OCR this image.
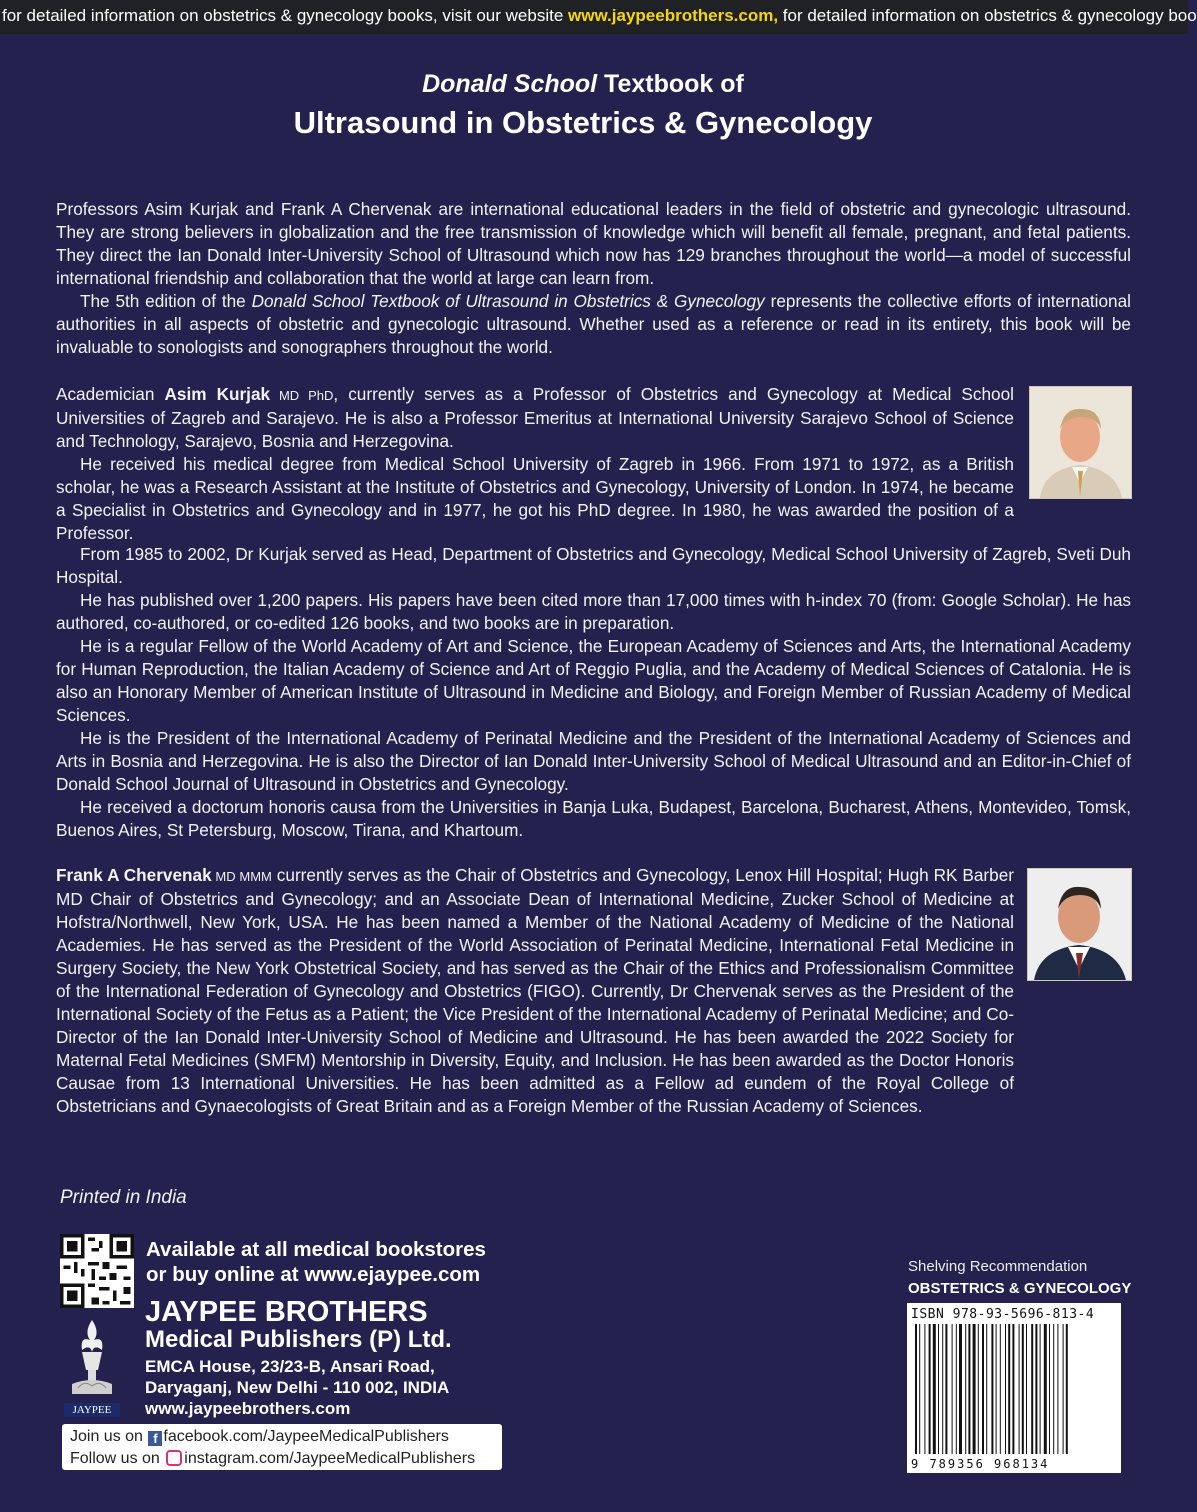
for detailed information on obstetrics & gynecology books, visit our website www.jaypeebrothers.com, for detailed information on obstetrics & gynecology boo
Donald School Textbook of
Ultrasound in Obstetrics & Gynecology

Professors Asim Kurjak and Frank A Chervenak are international educational leaders in the field of obstetric and gynecologic ultrasound. They are strong believers in globalization and the free transmission of knowledge which will benefit all female, pregnant, and fetal patients. They direct the Ian Donald Inter-University School of Ultrasound which now has 129 branches throughout the world—a model of successful international friendship and collaboration that the world at large can learn from.

The 5th edition of the Donald School Textbook of Ultrasound in Obstetrics & Gynecology represents the collective efforts of international authorities in all aspects of obstetric and gynecologic ultrasound. Whether used as a reference or read in its entirety, this book will be invaluable to sonologists and sonographers throughout the world.

Academician Asim Kurjak MD PhD, currently serves as a Professor of Obstetrics and Gynecology at Medical School Universities of Zagreb and Sarajevo. He is also a Professor Emeritus at International University Sarajevo School of Science and Technology, Sarajevo, Bosnia and Herzegovina.

He received his medical degree from Medical School University of Zagreb in 1966. From 1971 to 1972, as a British scholar, he was a Research Assistant at the Institute of Obstetrics and Gynecology, University of London. In 1974, he became a Specialist in Obstetrics and Gynecology and in 1977, he got his PhD degree. In 1980, he was awarded the position of a Professor.

From 1985 to 2002, Dr Kurjak served as Head, Department of Obstetrics and Gynecology, Medical School University of Zagreb, Sveti Duh Hospital.

He has published over 1,200 papers. His papers have been cited more than 17,000 times with h-index 70 (from: Google Scholar). He has authored, co-authored, or co-edited 126 books, and two books are in preparation.

He is a regular Fellow of the World Academy of Art and Science, the European Academy of Sciences and Arts, the International Academy for Human Reproduction, the Italian Academy of Science and Art of Reggio Puglia, and the Academy of Medical Sciences of Catalonia. He is also an Honorary Member of American Institute of Ultrasound in Medicine and Biology, and Foreign Member of Russian Academy of Medical Sciences.

He is the President of the International Academy of Perinatal Medicine and the President of the International Academy of Sciences and Arts in Bosnia and Herzegovina. He is also the Director of Ian Donald Inter-University School of Medical Ultrasound and an Editor-in-Chief of Donald School Journal of Ultrasound in Obstetrics and Gynecology.

He received a doctorum honoris causa from the Universities in Banja Luka, Budapest, Barcelona, Bucharest, Athens, Montevideo, Tomsk, Buenos Aires, St Petersburg, Moscow, Tirana, and Khartoum.

Frank A Chervenak MD MMM currently serves as the Chair of Obstetrics and Gynecology, Lenox Hill Hospital; Hugh RK Barber MD Chair of Obstetrics and Gynecology; and an Associate Dean of International Medicine, Zucker School of Medicine at Hofstra/Northwell, New York, USA. He has been named a Member of the National Academy of Medicine of the National Academies. He has served as the President of the World Association of Perinatal Medicine, International Fetal Medicine in Surgery Society, the New York Obstetrical Society, and has served as the Chair of the Ethics and Professionalism Committee of the International Federation of Gynecology and Obstetrics (FIGO). Currently, Dr Chervenak serves as the President of the International Society of the Fetus as a Patient; the Vice President of the International Academy of Perinatal Medicine; and Co-Director of the Ian Donald Inter-University School of Medicine and Ultrasound. He has been awarded the 2022 Society for Maternal Fetal Medicines (SMFM) Mentorship in Diversity, Equity, and Inclusion. He has been awarded as the Doctor Honoris Causae from 13 International Universities. He has been admitted as a Fellow ad eundem of the Royal College of Obstetricians and Gynaecologists of Great Britain and as a Foreign Member of the Russian Academy of Sciences.

Printed in India
Available at all medical bookstores
or buy online at www.ejaypee.com
JAYPEE BROTHERS
Medical Publishers (P) Ltd.
EMCA House, 23/23-B, Ansari Road,
Daryaganj, New Delhi - 110 002, INDIA
www.jaypeebrothers.com
JAYPEE
Join us on f facebook.com/JaypeeMedicalPublishers
Follow us on instagram.com/JaypeeMedicalPublishers
Shelving Recommendation
OBSTETRICS & GYNECOLOGY
ISBN 978-93-5696-813-4
9 789356 968134
